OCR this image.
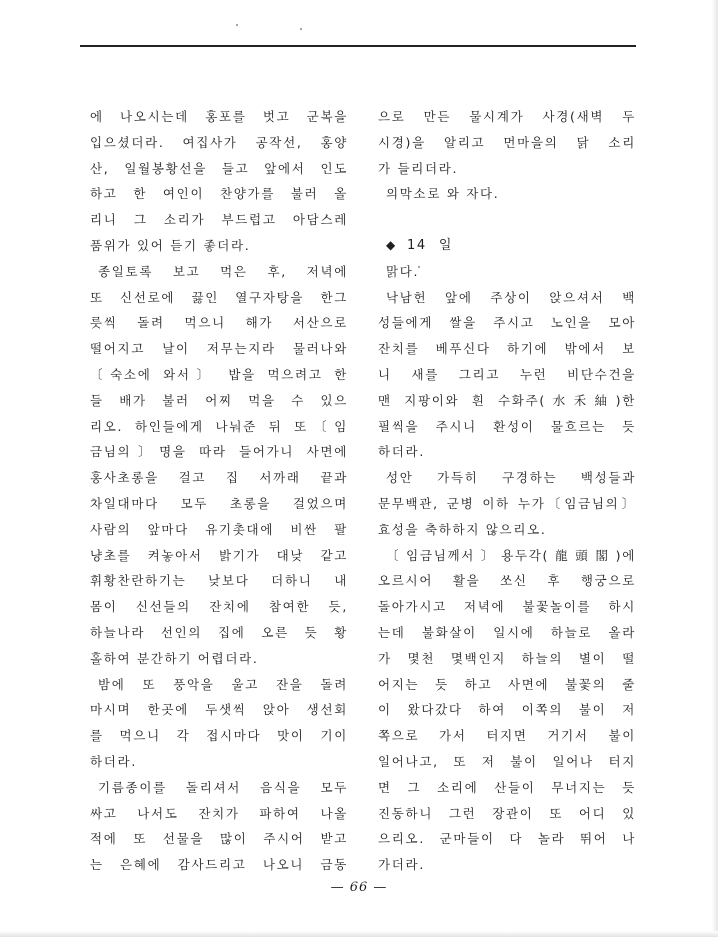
에 나오시는데 홍포를 벗고 군복을
입으셨더라. 여집사가 공작선, 홍양
산, 일월봉황선을 들고 앞에서 인도
하고 한 여인이 찬양가를 불러 올
리니 그 소리가 부드럽고 아담스레
품위가 있어 듣기 좋더라.
종일토록 보고 먹은 후, 저녁에
또 신선로에 끓인 열구자탕을 한그
릇씩 돌려 먹으니 해가 서산으로
떨어지고 날이 저무는지라 물러나와
〔숙소에 와서〕 밥을 먹으려고 한
들 배가 불러 어찌 먹을 수 있으
리오. 하인들에게 나눠준 뒤 또〔임
금님의〕명을 따라 들어가니 사면에
홍사초롱을 걸고 집 서까래 끝과
차일대마다 모두 초롱을 걸었으며
사람의 앞마다 유기촛대에 비싼 팔
냥초를 켜놓아서 밝기가 대낮 같고
휘황찬란하기는 낮보다 더하니 내
몸이 신선들의 잔치에 참여한 듯,
하늘나라 선인의 집에 오른 듯 황
홀하여 분간하기 어렵더라.
밤에 또 풍악을 울고 잔을 돌려
마시며 한곳에 두샛씩 앉아 생선회
를 먹으니 각 접시마다 맛이 기이
하더라.
기름종이를 돌리셔서 음식을 모두
싸고 나서도 잔치가 파하여 나올
적에 또 선물을 많이 주시어 받고
는 은혜에 감사드리고 나오니 금동
으로 만든 물시계가 사경(새벽 두
시경)을 알리고 먼마을의 닭 소리
가 들리더라.
의막소로 와 자다.
◆ 14 일
맑다.
낙남헌 앞에 주상이 앉으셔서 백
성들에게 쌀을 주시고 노인을 모아
잔치를 베푸신다 하기에 밖에서 보
니 새를 그리고 누런 비단수건을
맨 지팡이와 흰 수화주(水禾紬)한
필씩을 주시니 환성이 물흐르는 듯
하더라.
성안 가득히 구경하는 백성들과
문무백관, 군병 이하 누가〔임금님의〕
효성을 축하하지 않으리오.
〔임금님께서〕용두각(龍頭閣)에
오르시어 활을 쏘신 후 행궁으로
돌아가시고 저녁에 불꽃놀이를 하시
는데 불화살이 일시에 하늘로 올라
가 몇천 몇백인지 하늘의 별이 떨
어지는 듯 하고 사면에 불꽃의 줄
이 왔다갔다 하여 이쪽의 불이 저
쪽으로 가서 터지면 거기서 불이
일어나고, 또 저 불이 일어나 터지
면 그 소리에 산들이 무너지는 듯
진동하니 그런 장관이 또 어디 있
으리오. 군마들이 다 놀라 뛰어 나
가더라.
— 66 —
